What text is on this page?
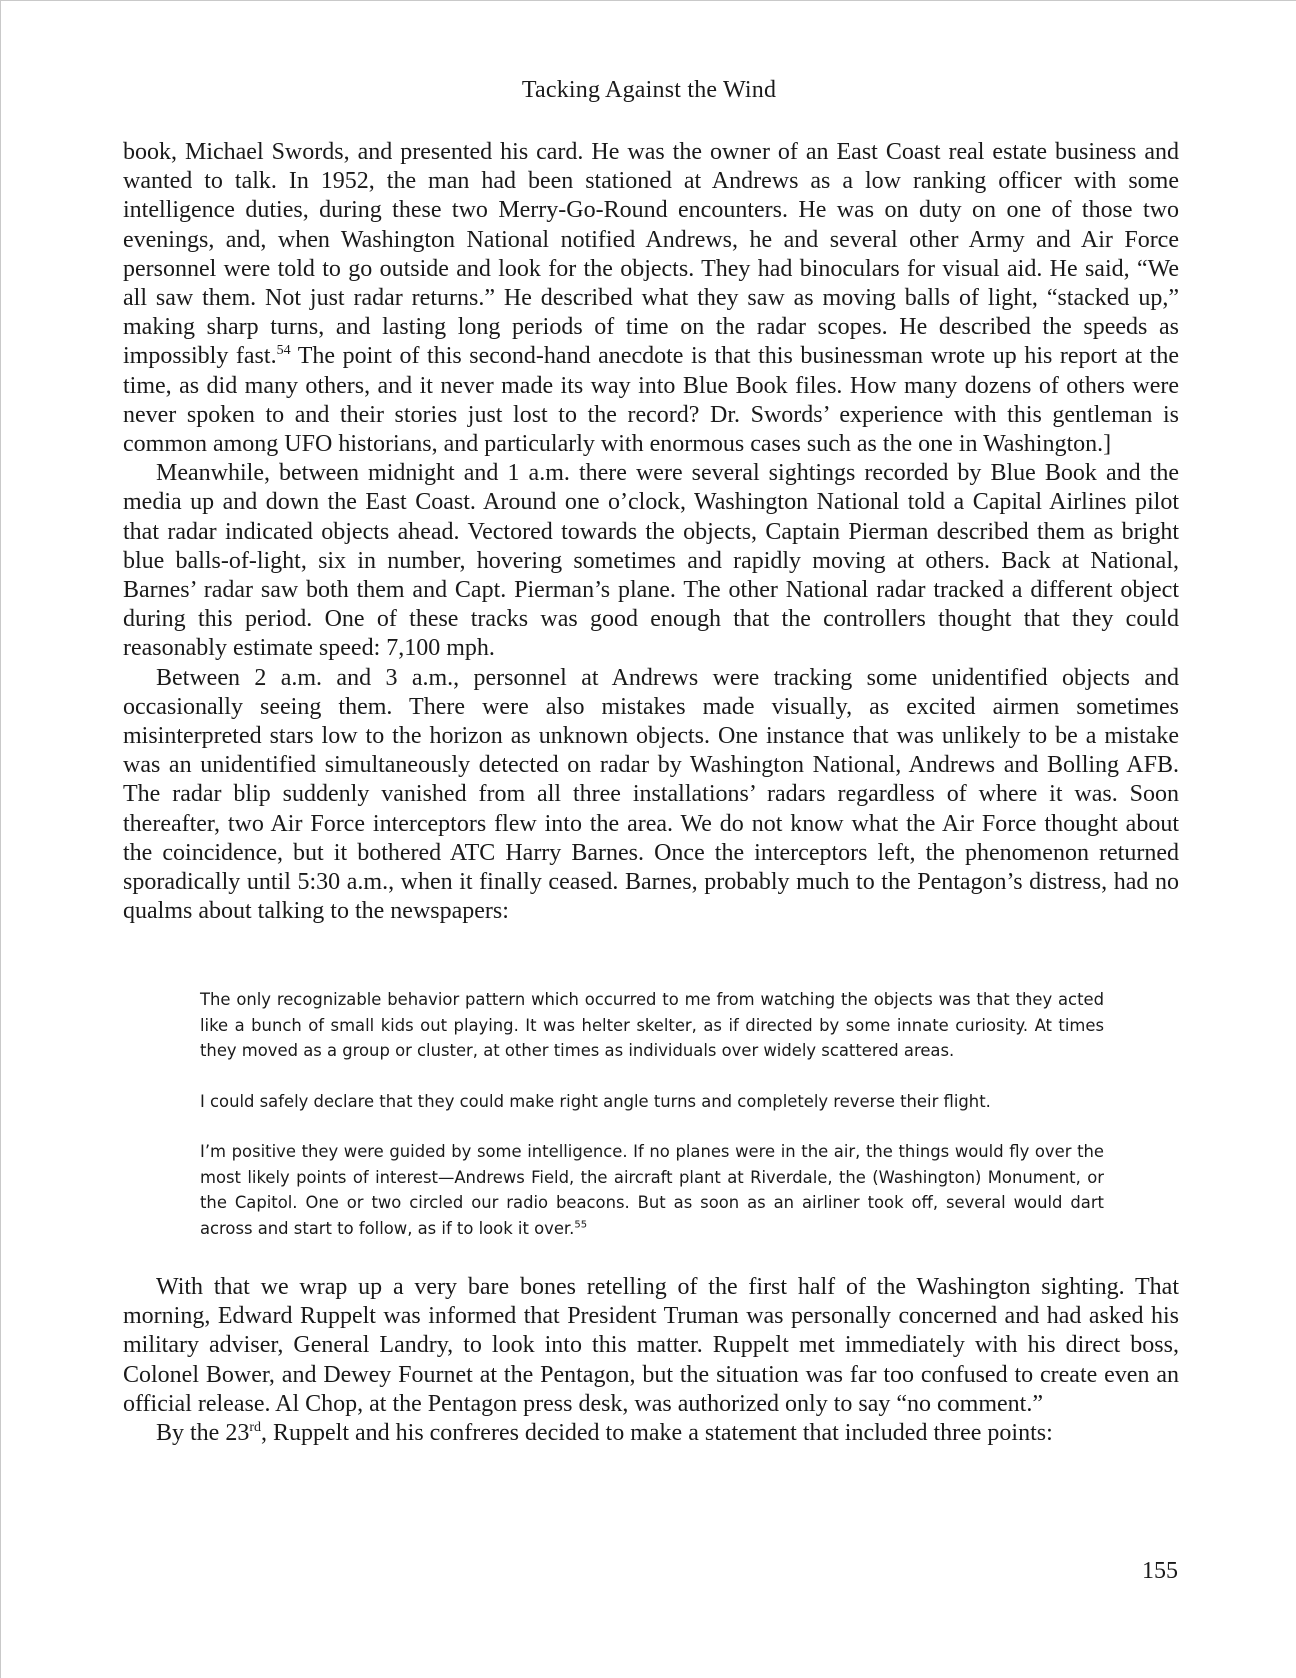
Tacking Against the Wind

book, Michael Swords, and presented his card. He was the owner of an East Coast real estate business and wanted to talk. In 1952, the man had been stationed at Andrews as a low ranking officer with some intelligence duties, during these two Merry-Go-Round encounters. He was on duty on one of those two evenings, and, when Washington National notified Andrews, he and several other Army and Air Force personnel were told to go outside and look for the objects. They had binoculars for visual aid. He said, “We all saw them. Not just radar returns.” He described what they saw as moving balls of light, “stacked up,” making sharp turns, and lasting long periods of time on the radar scopes. He described the speeds as impossibly fast.$^{54}$ The point of this second-hand anecdote is that this businessman wrote up his report at the time, as did many others, and it never made its way into Blue Book files. How many dozens of others were never spoken to and their stories just lost to the record? Dr. Swords’ experience with this gentleman is common among UFO historians, and particularly with enormous cases such as the one in Washington.]

Meanwhile, between midnight and 1 a.m. there were several sightings recorded by Blue Book and the media up and down the East Coast. Around one o’clock, Washington National told a Capital Airlines pilot that radar indicated objects ahead. Vectored towards the objects, Captain Pierman described them as bright blue balls-of-light, six in number, hovering sometimes and rapidly moving at others. Back at National, Barnes’ radar saw both them and Capt. Pierman’s plane. The other National radar tracked a different object during this period. One of these tracks was good enough that the controllers thought that they could reasonably estimate speed: 7,100 mph.

Between 2 a.m. and 3 a.m., personnel at Andrews were tracking some unidentified objects and occasionally seeing them. There were also mistakes made visually, as excited airmen sometimes misinterpreted stars low to the horizon as unknown objects. One instance that was unlikely to be a mistake was an unidentified simultaneously detected on radar by Washington National, Andrews and Bolling AFB. The radar blip suddenly vanished from all three installations’ radars regardless of where it was. Soon thereafter, two Air Force interceptors flew into the area. We do not know what the Air Force thought about the coincidence, but it bothered ATC Harry Barnes. Once the interceptors left, the phenomenon returned sporadically until 5:30 a.m., when it finally ceased. Barnes, probably much to the Pentagon’s distress, had no qualms about talking to the newspapers:

The only recognizable behavior pattern which occurred to me from watching the objects was that they acted like a bunch of small kids out playing. It was helter skelter, as if directed by some innate curiosity. At times they moved as a group or cluster, at other times as individuals over widely scattered areas.

I could safely declare that they could make right angle turns and completely reverse their flight.

I’m positive they were guided by some intelligence. If no planes were in the air, the things would fly over the most likely points of interest—Andrews Field, the aircraft plant at Riverdale, the (Washington) Monument, or the Capitol. One or two circled our radio beacons. But as soon as an airliner took off, several would dart across and start to follow, as if to look it over.$^{55}$

With that we wrap up a very bare bones retelling of the first half of the Washington sighting. That morning, Edward Ruppelt was informed that President Truman was personally concerned and had asked his military adviser, General Landry, to look into this matter. Ruppelt met immediately with his direct boss, Colonel Bower, and Dewey Fournet at the Pentagon, but the situation was far too confused to create even an official release. Al Chop, at the Pentagon press desk, was authorized only to say “no comment.”

By the 23rd, Ruppelt and his confreres decided to make a statement that included three points:

155
